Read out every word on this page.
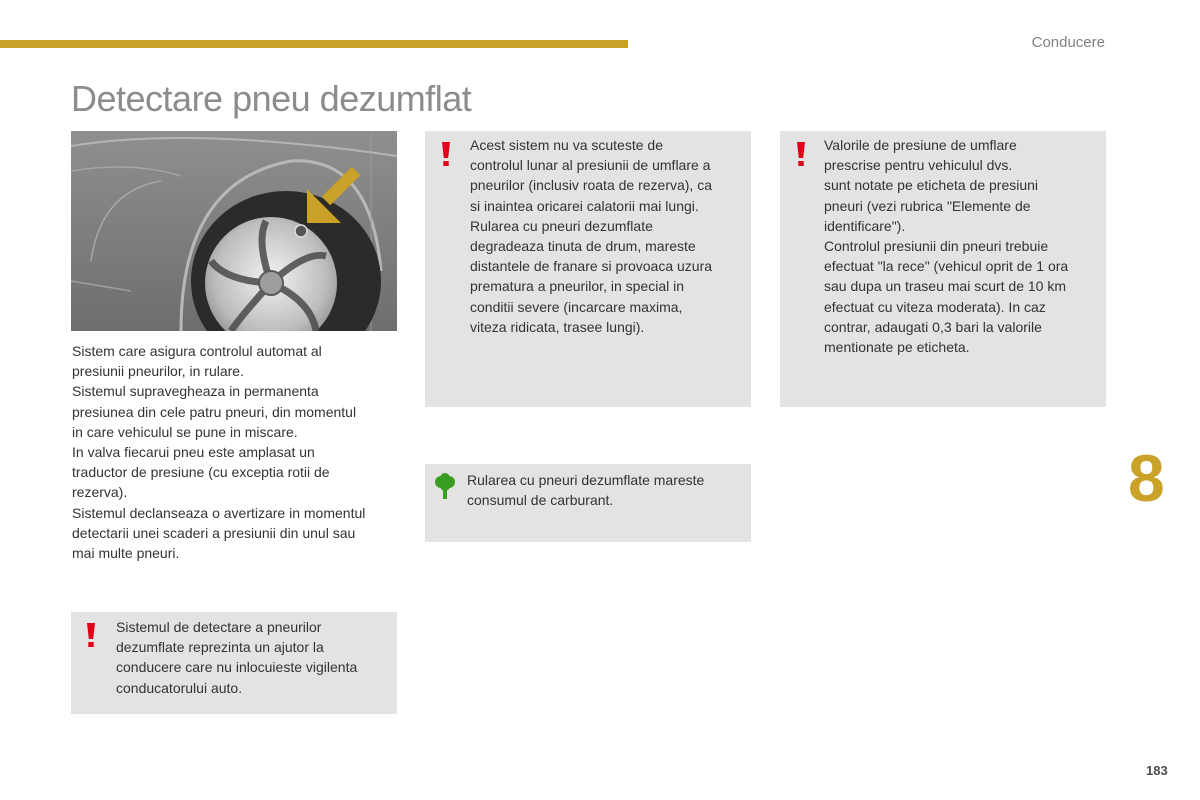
Conducere
Detectare pneu dezumflat

Sistem care asigura controlul automat al

presiunii pneurilor, in rulare.

Sistemul supravegheaza in permanenta

presiunea din cele patru pneuri, din momentul

in care vehiculul se pune in miscare.

In valva fiecarui pneu este amplasat un

traductor de presiune (cu exceptia rotii de

rezerva).

Sistemul declanseaza o avertizare in momentul

detectarii unei scaderi a presiunii din unul sau

mai multe pneuri.

Sistemul de detectare a pneurilor

dezumflate reprezinta un ajutor la

conducere care nu inlocuieste vigilenta

conducatorului auto.

Acest sistem nu va scuteste de

controlul lunar al presiunii de umflare a

pneurilor (inclusiv roata de rezerva), ca

si inaintea oricarei calatorii mai lungi.

Rularea cu pneuri dezumflate

degradeaza tinuta de drum, mareste

distantele de franare si provoaca uzura

prematura a pneurilor, in special in

conditii severe (incarcare maxima,

viteza ridicata, trasee lungi).

Rularea cu pneuri dezumflate mareste

consumul de carburant.

Valorile de presiune de umflare

prescrise pentru vehiculul dvs.

sunt notate pe eticheta de presiuni

pneuri (vezi rubrica "Elemente de

identificare").

Controlul presiunii din pneuri trebuie

efectuat "la rece" (vehicul oprit de 1 ora

sau dupa un traseu mai scurt de 10 km

efectuat cu viteza moderata). In caz

contrar, adaugati 0,3 bari la valorile

mentionate pe eticheta.

8
183
